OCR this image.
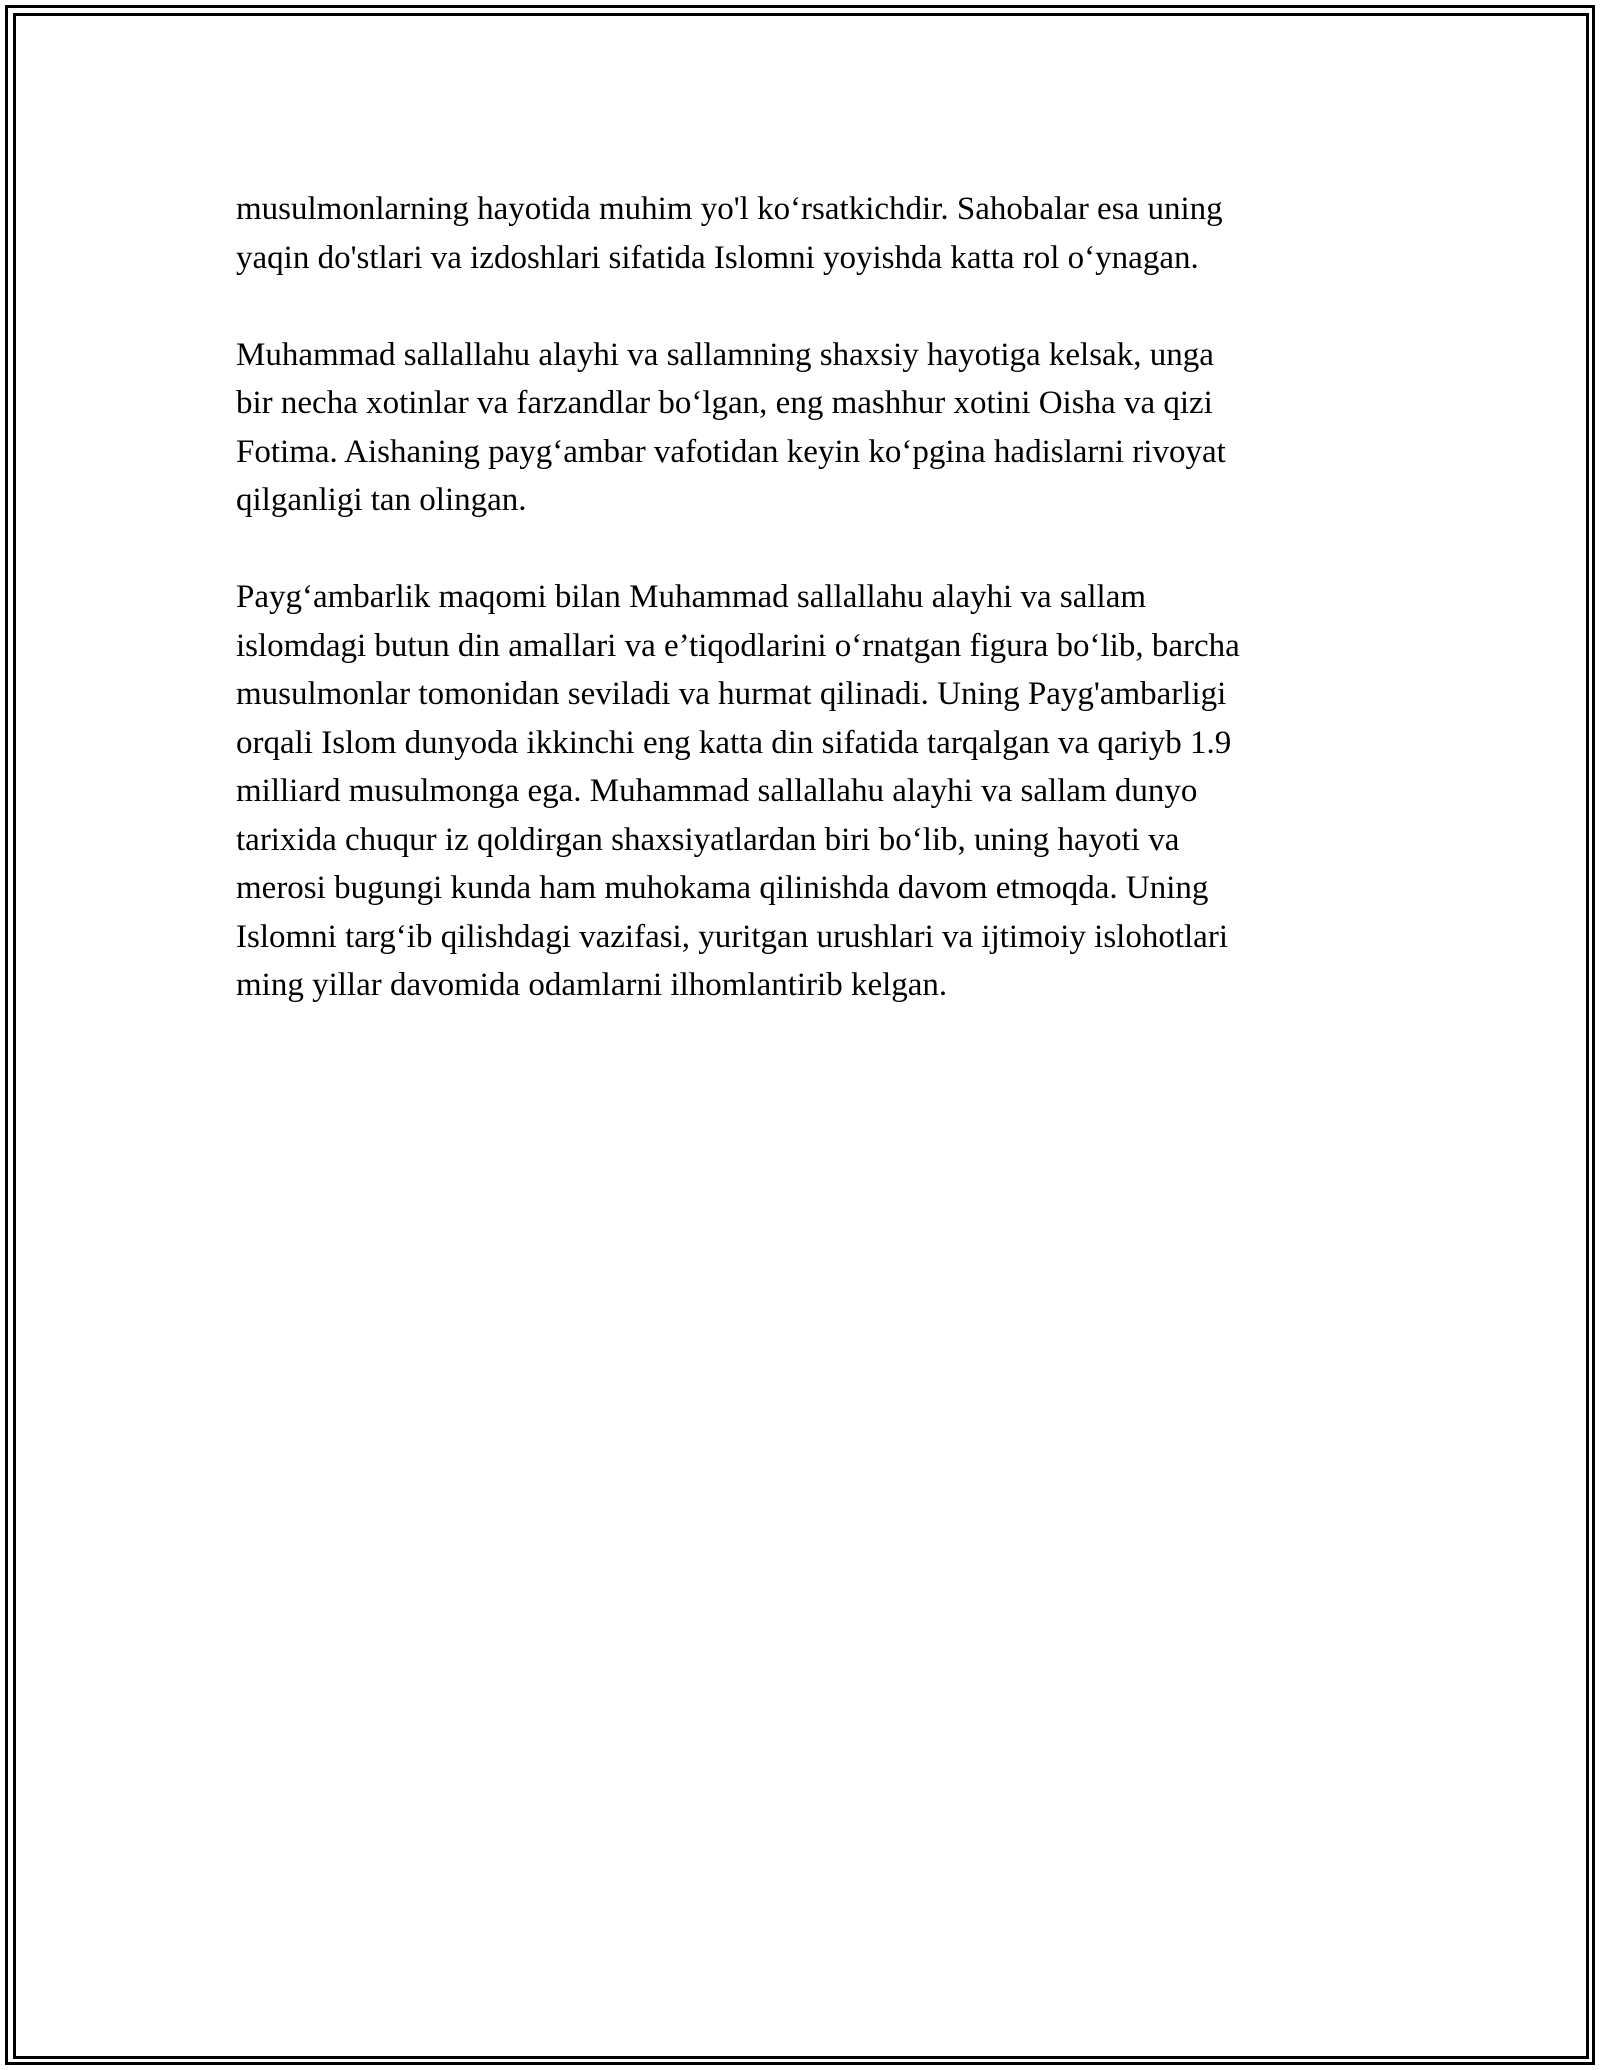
musulmonlarning hayotida muhim yo'l ko‘rsatkichdir. Sahobalar esa uning
yaqin do'stlari va izdoshlari sifatida Islomni yoyishda katta rol o‘ynagan.

Muhammad sallallahu alayhi va sallamning shaxsiy hayotiga kelsak, unga
bir necha xotinlar va farzandlar bo‘lgan, eng mashhur xotini Oisha va qizi
Fotima. Aishaning payg‘ambar vafotidan keyin ko‘pgina hadislarni rivoyat
qilganligi tan olingan.

Payg‘ambarlik maqomi bilan Muhammad sallallahu alayhi va sallam
islomdagi butun din amallari va e’tiqodlarini o‘rnatgan figura bo‘lib, barcha
musulmonlar tomonidan seviladi va hurmat qilinadi. Uning Payg'ambarligi
orqali Islom dunyoda ikkinchi eng katta din sifatida tarqalgan va qariyb 1.9
milliard musulmonga ega. Muhammad sallallahu alayhi va sallam dunyo
tarixida chuqur iz qoldirgan shaxsiyatlardan biri bo‘lib, uning hayoti va
merosi bugungi kunda ham muhokama qilinishda davom etmoqda. Uning
Islomni targ‘ib qilishdagi vazifasi, yuritgan urushlari va ijtimoiy islohotlari
ming yillar davomida odamlarni ilhomlantirib kelgan.
